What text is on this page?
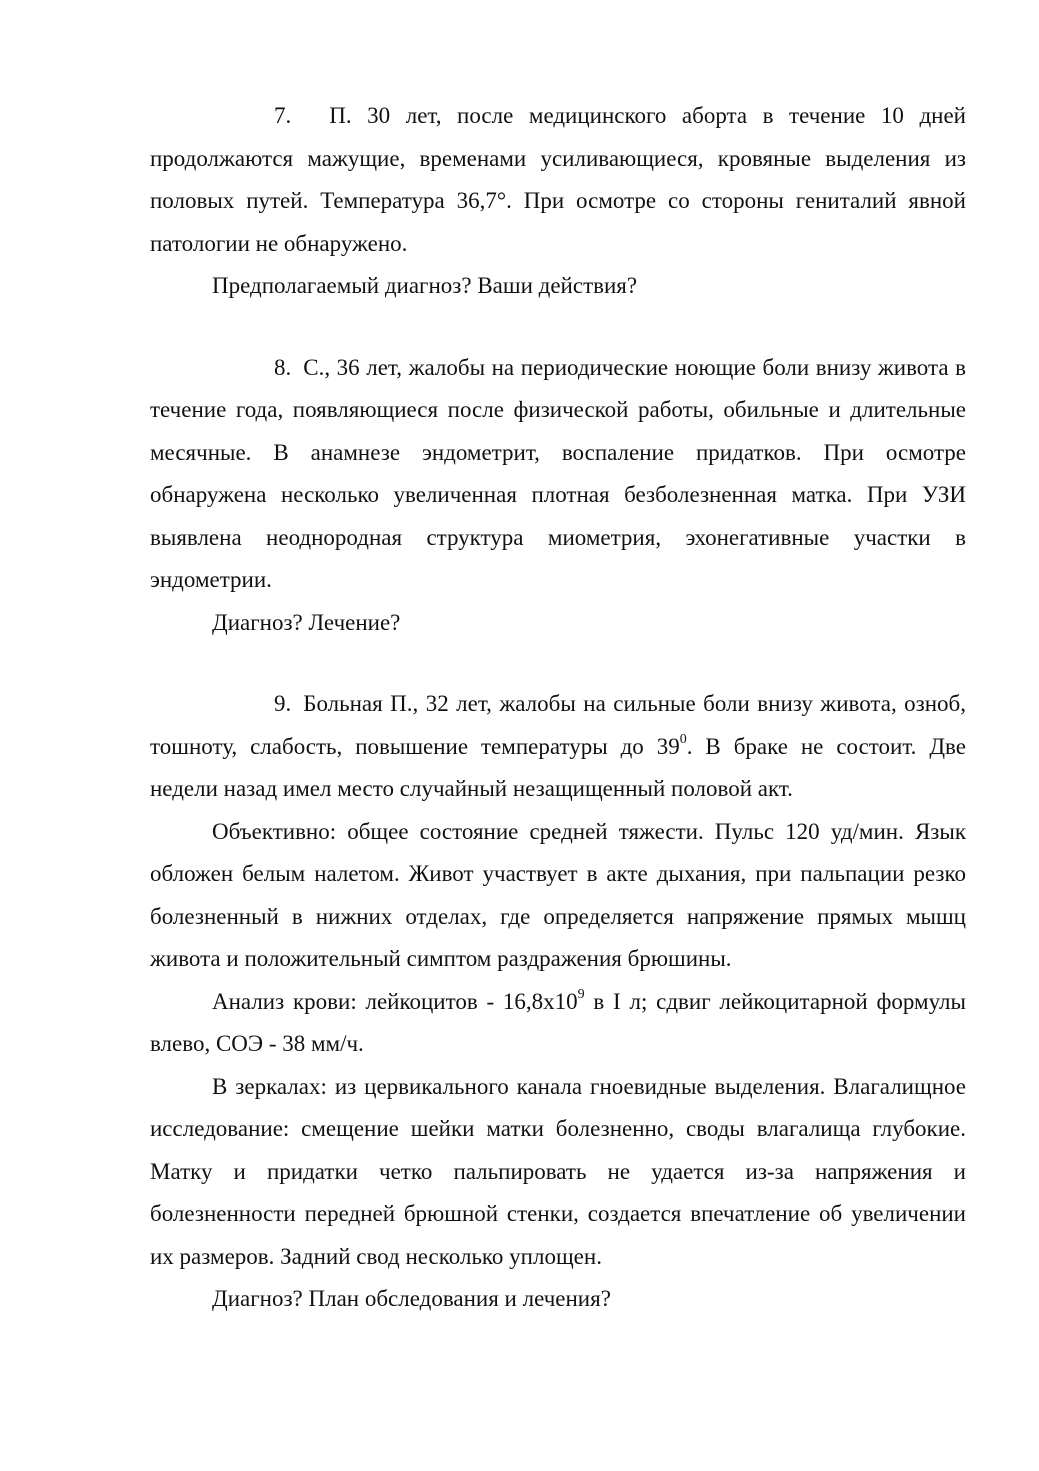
7. П. 30 лет, после медицинского аборта в течение 10 дней продолжаются мажущие, временами усиливающиеся, кровяные выделения из половых путей. Температура 36,7°. При осмотре со стороны гениталий явной патологии не обнаружено.

Предполагаемый диагноз? Ваши действия?

8. С., 36 лет, жалобы на периодические ноющие боли внизу живота в течение года, появляющиеся после физической работы, обильные и длительные месячные. В анамнезе эндометрит, воспаление придатков. При осмотре обнаружена несколько увеличенная плотная безболезненная матка. При УЗИ выявлена неоднородная структура миометрия, эхонегативные участки в эндометрии.

Диагноз? Лечение?

9. Больная П., 32 лет, жалобы на сильные боли внизу живота, озноб, тошноту, слабость, повышение температуры до $39^0$. В браке не состоит. Две недели назад имел место случайный незащищенный половой акт.

Объективно: общее состояние средней тяжести. Пульс 120 уд/мин. Язык обложен белым налетом. Живот участвует в акте дыхания, при пальпации резко болезненный в нижних отделах, где определяется напряжение прямых мышц живота и положительный симптом раздражения брюшины.

Анализ крови: лейкоцитов - $16,8х10^9$ в I л; сдвиг лейкоцитарной формулы влево, СОЭ - 38 мм/ч.

В зеркалах: из цервикального канала гноевидные выделения. Влагалищное исследование: смещение шейки матки болезненно, своды влагалища глубокие. Матку и придатки четко пальпировать не удается из-за напряжения и болезненности передней брюшной стенки, создается впечатление об увеличении их размеров. Задний свод несколько уплощен.

Диагноз? План обследования и лечения?
